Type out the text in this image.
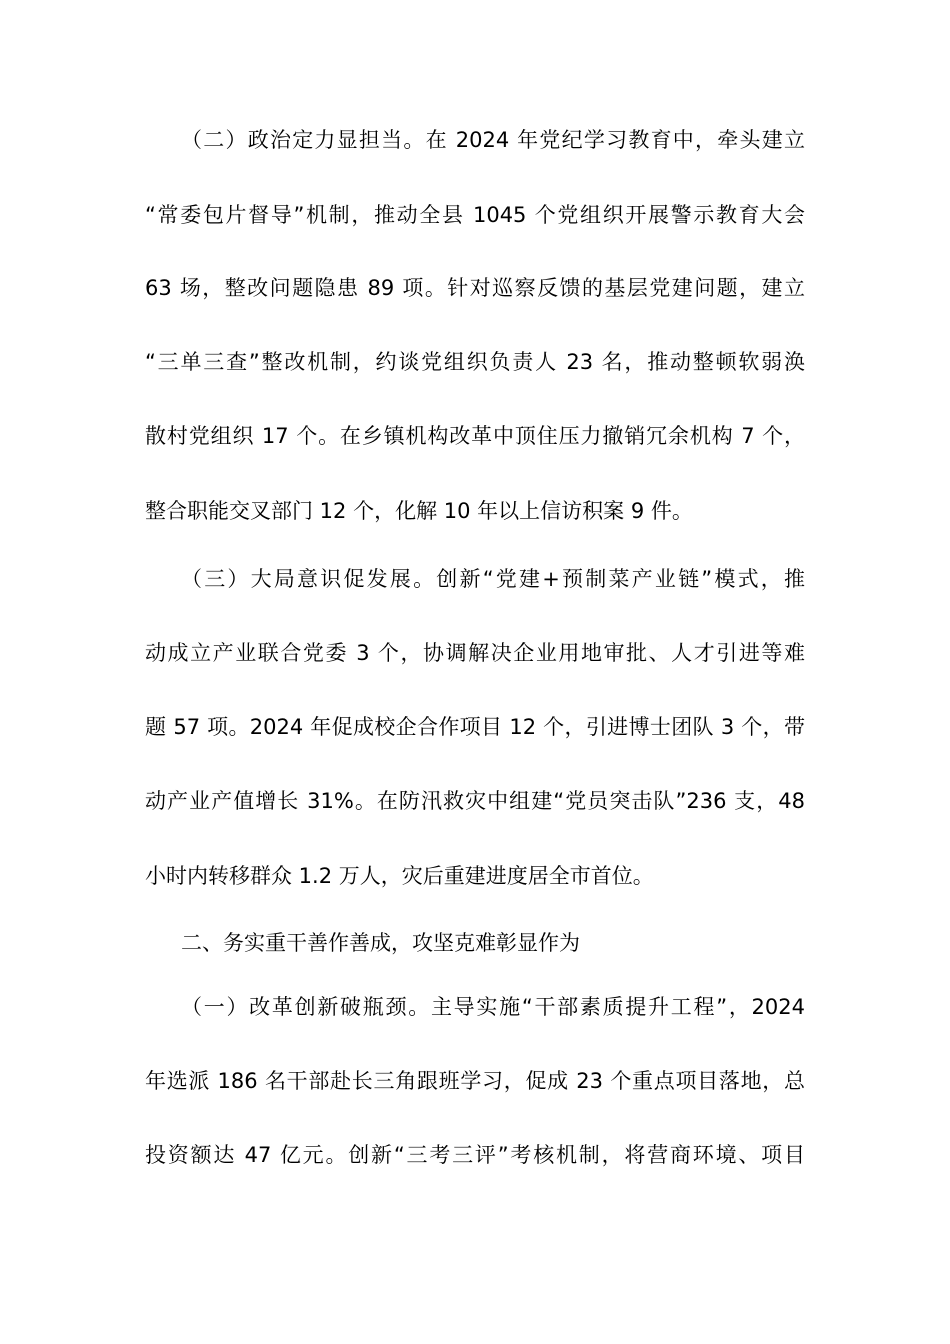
（二）政治定力显担当。在 2024 年党纪学习教育中，牵头建立
“常委包片督导”机制，推动全县 1045 个党组织开展警示教育大会
63 场，整改问题隐患 89 项。针对巡察反馈的基层党建问题，建立
“三单三查”整改机制，约谈党组织负责人 23 名，推动整顿软弱涣
散村党组织 17 个。在乡镇机构改革中顶住压力撤销冗余机构 7 个，
整合职能交叉部门 12 个，化解 10 年以上信访积案 9 件。
（三）大局意识促发展。创新“党建+预制菜产业链”模式，推
动成立产业联合党委 3 个，协调解决企业用地审批、人才引进等难
题 57 项。2024 年促成校企合作项目 12 个，引进博士团队 3 个，带
动产业产值增长 31%。在防汛救灾中组建“党员突击队”236 支，48
小时内转移群众 1.2 万人，灾后重建进度居全市首位。
二、务实重干善作善成，攻坚克难彰显作为
（一）改革创新破瓶颈。主导实施“干部素质提升工程”，2024
年选派 186 名干部赴长三角跟班学习，促成 23 个重点项目落地，总
投资额达 47 亿元。创新“三考三评”考核机制，将营商环境、项目
